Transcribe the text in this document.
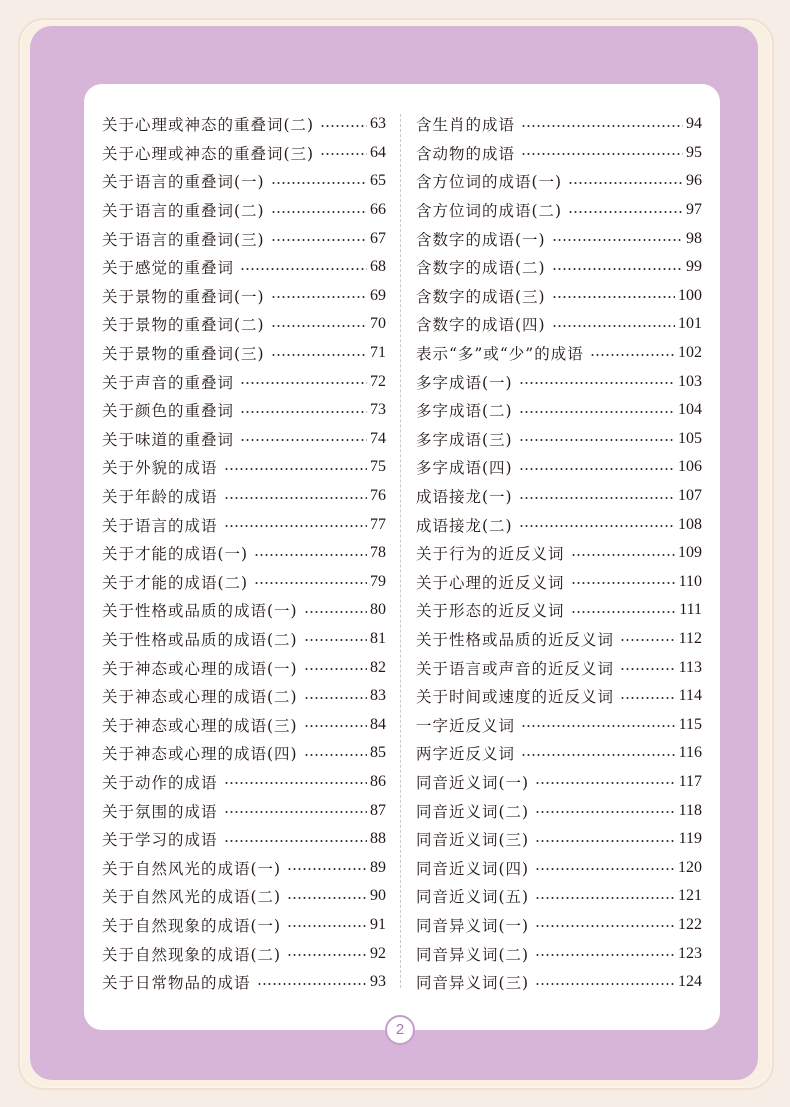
关于心理或神态的重叠词(二)	63
关于心理或神态的重叠词(三)	64
关于语言的重叠词(一)	65
关于语言的重叠词(二)	66
关于语言的重叠词(三)	67
关于感觉的重叠词	68
关于景物的重叠词(一)	69
关于景物的重叠词(二)	70
关于景物的重叠词(三)	71
关于声音的重叠词	72
关于颜色的重叠词	73
关于味道的重叠词	74
关于外貌的成语	75
关于年龄的成语	76
关于语言的成语	77
关于才能的成语(一)	78
关于才能的成语(二)	79
关于性格或品质的成语(一)	80
关于性格或品质的成语(二)	81
关于神态或心理的成语(一)	82
关于神态或心理的成语(二)	83
关于神态或心理的成语(三)	84
关于神态或心理的成语(四)	85
关于动作的成语	86
关于氛围的成语	87
关于学习的成语	88
关于自然风光的成语(一)	89
关于自然风光的成语(二)	90
关于自然现象的成语(一)	91
关于自然现象的成语(二)	92
关于日常物品的成语	93
含生肖的成语	94
含动物的成语	95
含方位词的成语(一)	96
含方位词的成语(二)	97
含数字的成语(一)	98
含数字的成语(二)	99
含数字的成语(三)	100
含数字的成语(四)	101
表示“多”或“少”的成语	102
多字成语(一)	103
多字成语(二)	104
多字成语(三)	105
多字成语(四)	106
成语接龙(一)	107
成语接龙(二)	108
关于行为的近反义词	109
关于心理的近反义词	110
关于形态的近反义词	111
关于性格或品质的近反义词	112
关于语言或声音的近反义词	113
关于时间或速度的近反义词	114
一字近反义词	115
两字近反义词	116
同音近义词(一)	117
同音近义词(二)	118
同音近义词(三)	119
同音近义词(四)	120
同音近义词(五)	121
同音异义词(一)	122
同音异义词(二)	123
同音异义词(三)	124
2
